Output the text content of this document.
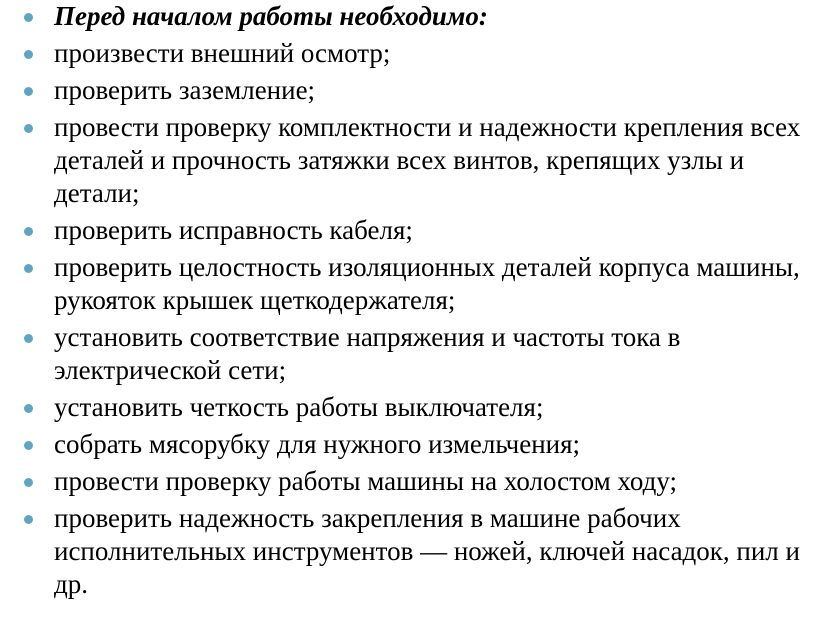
Перед началом работы необходимо:
произвести внешний осмотр;
проверить заземление;
провести проверку комплектности и надежности крепления всех деталей и прочность затяжки всех винтов, крепящих узлы и детали;
проверить исправность кабеля;
проверить целостность изоляционных деталей корпуса машины, рукояток крышек щеткодержателя;
установить соответствие напряжения и частоты тока в электрической сети;
установить четкость работы выключателя;
собрать мясорубку для нужного измельчения;
провести проверку работы машины на холостом ходу;
проверить надежность закрепления в машине рабочих исполнительных инструментов — ножей, ключей насадок, пил и др.
